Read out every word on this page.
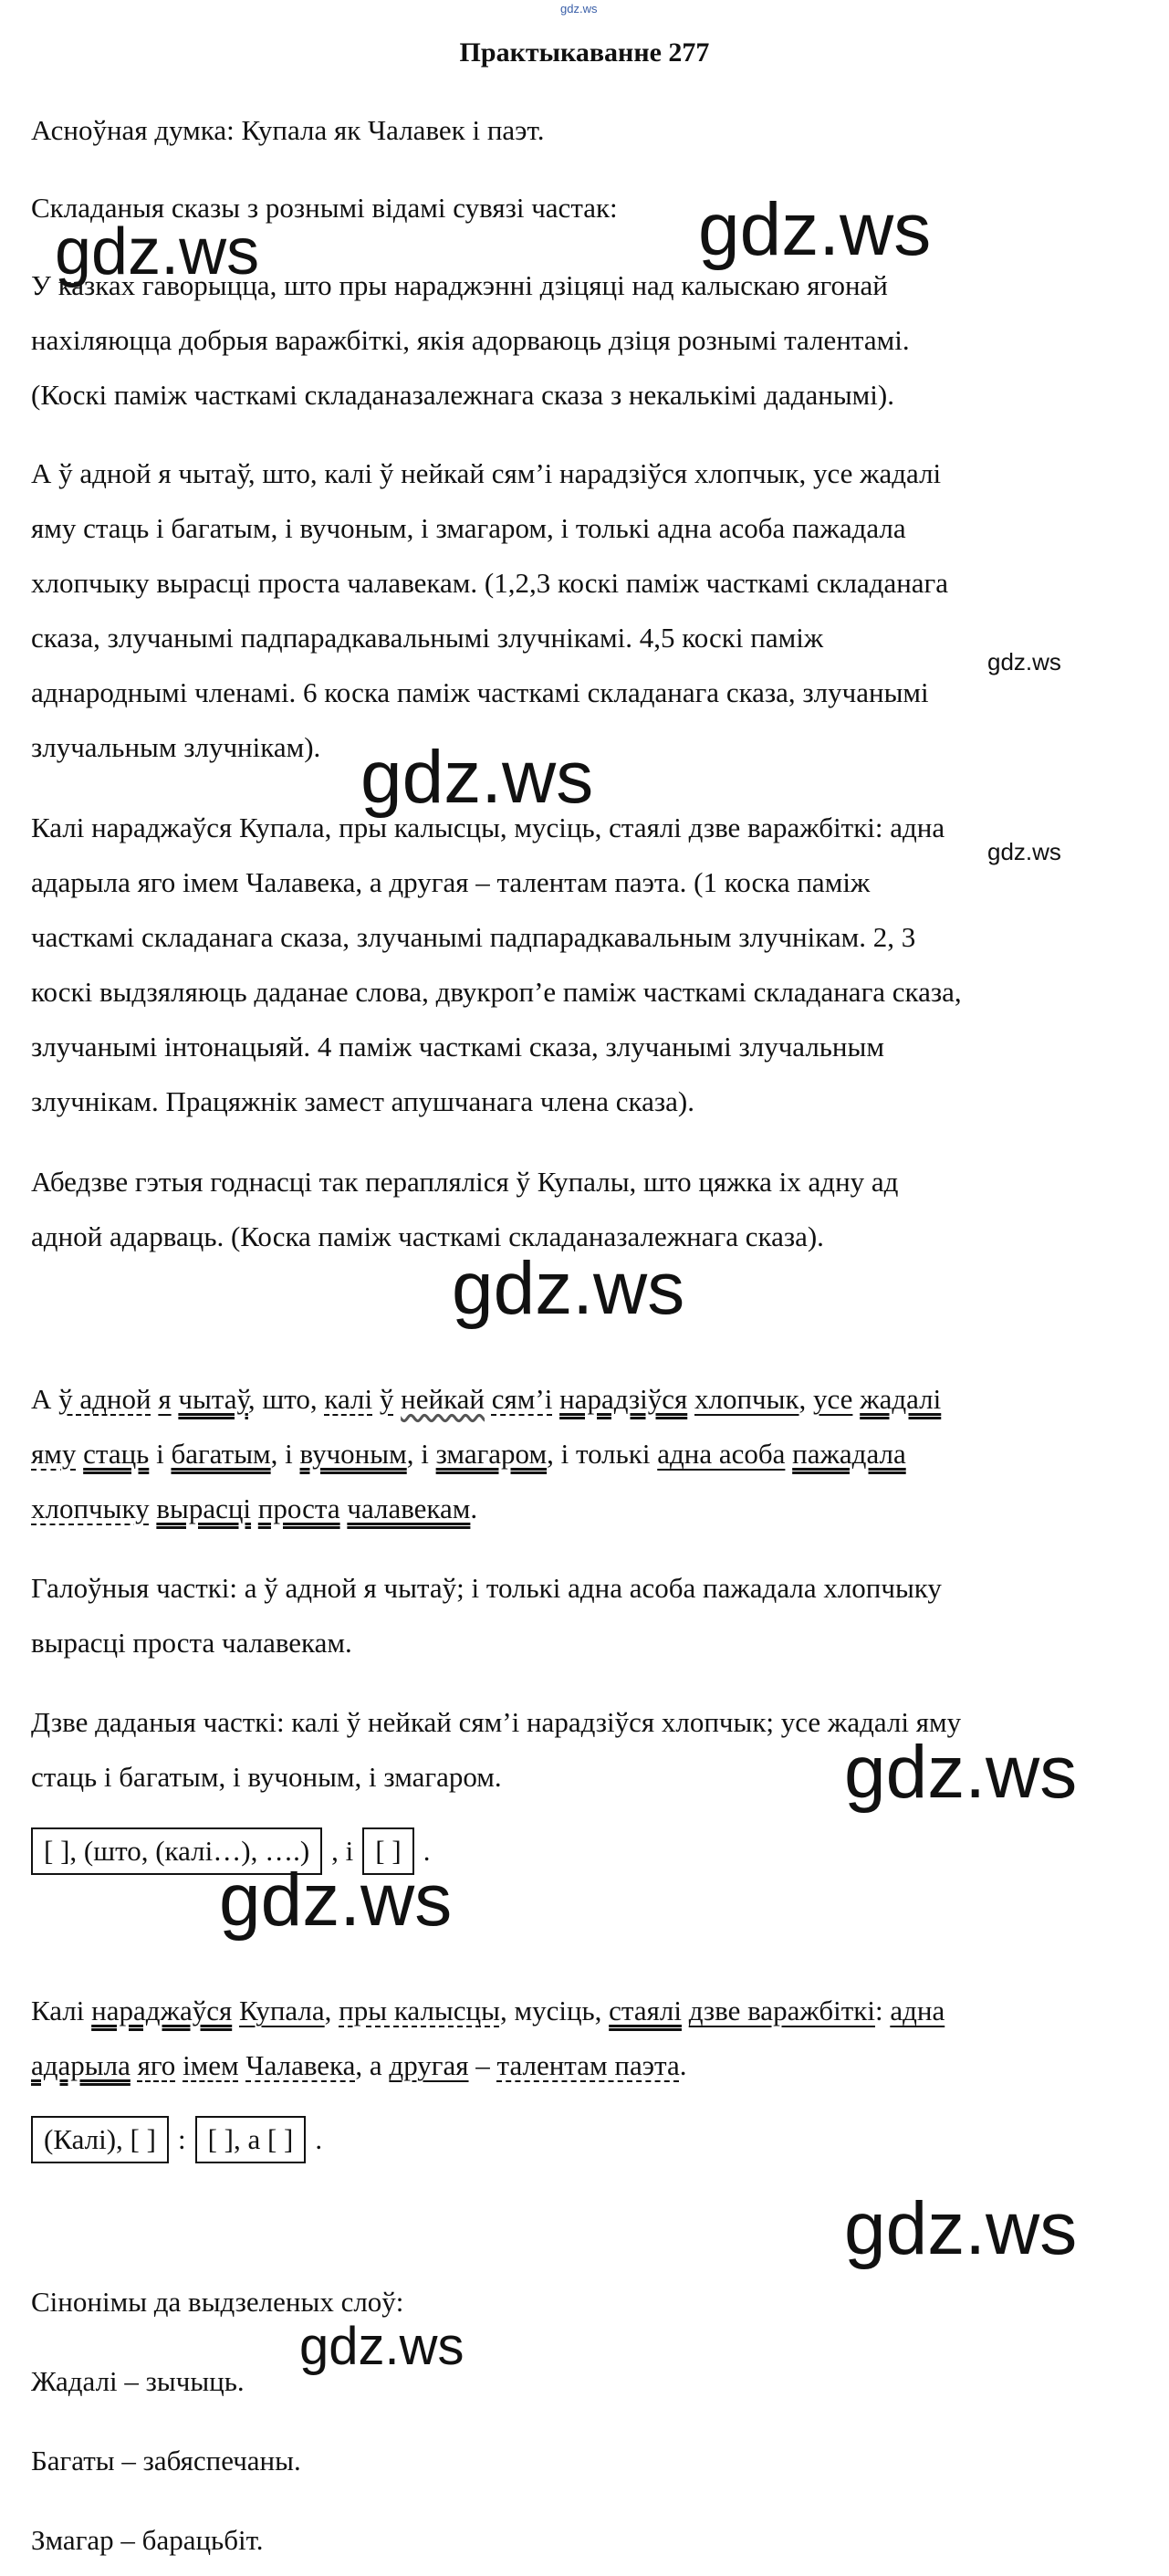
gdz.ws
Практыкаванне 277
Асноўная думка: Купала як Чалавек і паэт.
Складаныя сказы з рознымі відамі сувязі частак:
У казках гаворыцца, што пры нараджэнні дзіцяці над калыскаю ягонай
нахіляюцца добрыя варажбіткі, якія адорваюць дзіця рознымі талентамі.
(Коскі паміж часткамі складаназалежнага сказа з некалькімі даданымі).
А ў адной я чытаў, што, калі ў нейкай сям’і нарадзіўся хлопчык, усе жадалі
яму стаць і багатым, і вучоным, і змагаром, і толькі адна асоба пажадала
хлопчыку вырасці проста чалавекам. (1,2,3 коскі паміж часткамі складанага
сказа, злучанымі падпарадкавальнымі злучнікамі. 4,5 коскі паміж
аднароднымі членамі. 6 коска паміж часткамі складанага сказа, злучанымі
злучальным злучнікам).
Калі нараджаўся Купала, пры калысцы, мусіць, стаялі дзве варажбіткі: адна
адарыла яго імем Чалавека, а другая – талентам паэта. (1 коска паміж
часткамі складанага сказа, злучанымі падпарадкавальным злучнікам. 2, 3
коскі выдзяляюць даданае слова, двукроп’е паміж часткамі складанага сказа,
злучанымі інтонацыяй. 4 паміж часткамі сказа, злучанымі злучальным
злучнікам. Працяжнік замест апушчанага члена сказа).
Абедзве гэтыя годнасці так перапляліся ў Купалы, што цяжка іх адну ад
адной адарваць. (Коска паміж часткамі складаназалежнага сказа).
А ў адной я чытаў, што, калі ў нейкай сям’і нарадзіўся хлопчык, усе жадалі
яму стаць і багатым, і вучоным, і змагаром, і толькі адна асоба пажадала
хлопчыку вырасці проста чалавекам.
Галоўныя часткі: а ў адной я чытаў; і толькі адна асоба пажадала хлопчыку
вырасці проста чалавекам.
Дзве даданыя часткі: калі ў нейкай сям’і нарадзіўся хлопчык; усе жадалі яму
стаць і багатым, і вучоным, і змагаром.
[ ], (што, (калі…), ….) , і [ ] .
Калі нараджаўся Купала, пры калысцы, мусіць, стаялі дзве варажбіткі: адна
адарыла яго імем Чалавека, а другая – талентам паэта.
(Калі), [ ] : [ ], а [ ] .
Сінонімы да выдзеленых слоў:
Жадалі – зычыць.
Багаты – забяспечаны.
Змагар – барацьбіт.
gdz.ws	gdz.ws
gdz.ws
gdz.ws
gdz.ws
gdz.ws
gdz.ws
gdz.ws
gdz.ws
gdz.ws
